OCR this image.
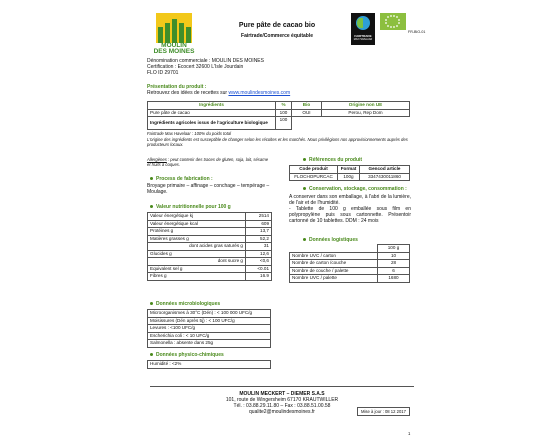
MOULIN
DES MOINES
Pure pâte de cacao bio
Fairtrade/Commerce équitable	FAIRTRADE
MAX HAVELAAR
FR-BIO-01
Dénomination commerciale : MOULIN DES MOINES
Certification : Ecocert 32600 L'Isle Jourdain
FLO ID 29701
Présentation du produit :
Retrouvez des idées de recettes sur www.moulindesmoines.com
Ingrédients	%	Bio	Origine non UE
Pure pâte de cacao	100	OUI	Perou, Rep Dom
Ingrédients agricoles issus de l'agriculture biologique	100		
Fairtrade Max Havelaar : 100% du poids total
L'origine des ingrédients est susceptible de changer selon les récoltes et les marchés. Nous privilégions nos approvisionnements auprès des producteurs locaux.
Allergènes : peut contenir des traces de gluten, soja, lait, sésame et fruits à coques.
Process de fabrication :
Broyage primaire – affinage – conchage – tempérage – Moulage.
Valeur nutritionnelle pour 100 g
Valeur énergétique kj	2514
Valeur énergétique kcal	609
Protéines g	13,7
Matières grasses g	52,2
dont acides gras saturés g	31
Glucides g	12,6
dont sucre g	<0,6
Equivalent sel g	<0.01
Fibres g	16.9
Données microbiologiques
Microorganismes à 30°C (Dén) : < 100 000 UFC/g
Moisissures (Dén après 5j) : < 100 UFC/g
Levures : <100 UFC/g
Escherichia coli : < 10 UFC/g
Salmonella : absente dans 25g
Données physico-chimiques
Humidité : <2%
Références du produit
Code produit	Format	Gencod article
FLOCHOPURCAC	100g	3347430011860
Conservation, stockage, consommation :
A conserver dans son emballage, à l'abri de la lumière, de l'air et de l'humidité.
- Tablette de 100 g emballée sous film en polypropylène puis sous cartonnette. Présentoir cartonné de 10 tablettes. DDM : 24 mois
Données logistiques
	100 g
Nombre UVC / carton	10
Nombre de carton /couche	28
Nombre de couche / palette	6
Nombre UVC / palette	1680
MOULIN MECKERT – DIEMER S.A.S
101, route de Wingersheim 67170 KRAUTWILLER
Tél. : 03.88.29.11.80 – Fax : 03.88.51.00.58
qualite2@moulindesmoines.fr	Mise à jour : 08 12 2017
1
